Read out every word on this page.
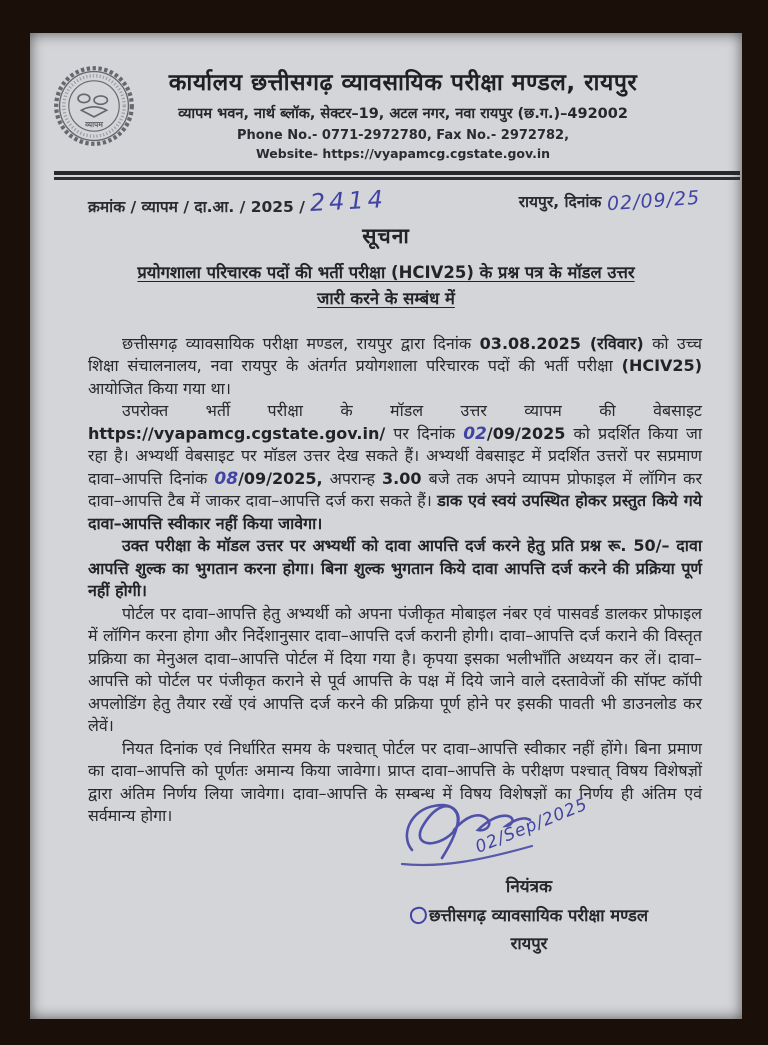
व्यापम
कार्यालय छत्तीसगढ़ व्यावसायिक परीक्षा मण्डल, रायपुर
व्यापम भवन, नार्थ ब्लॉक, सेक्टर–19, अटल नगर, नवा रायपुर (छ.ग.)–492002
Phone No.- 0771-2972780, Fax No.- 2972782,
Website- https://vyapamcg.cgstate.gov.in
क्रमांक / व्यापम / दा.आ. / 2025 / 2414	रायपुर, दिनांक 02/09/25
सूचना
प्रयोगशाला परिचारक पदों की भर्ती परीक्षा (HCIV25) के प्रश्न पत्र के मॉडल उत्तर
जारी करने के सम्बंध में

छत्तीसगढ़ व्यावसायिक परीक्षा मण्डल, रायपुर द्वारा दिनांक 03.08.2025 (रविवार) को उच्च शिक्षा संचालनालय, नवा रायपुर के अंतर्गत प्रयोगशाला परिचारक पदों की भर्ती परीक्षा (HCIV25) आयोजित किया गया था।

उपरोक्त भर्ती परीक्षा के मॉडल उत्तर व्यापम की वेबसाइट https://vyapamcg.cgstate.gov.in/ पर दिनांक 02/09/2025 को प्रदर्शित किया जा रहा है। अभ्यर्थी वेबसाइट पर मॉडल उत्तर देख सकते हैं। अभ्यर्थी वेबसाइट में प्रदर्शित उत्तरों पर सप्रमाण दावा–आपत्ति दिनांक 08/09/2025, अपरान्ह 3.00 बजे तक अपने व्यापम प्रोफाइल में लॉगिन कर दावा–आपत्ति टैब में जाकर दावा–आपत्ति दर्ज करा सकते हैं। डाक एवं स्वयं उपस्थित होकर प्रस्तुत किये गये दावा–आपत्ति स्वीकार नहीं किया जावेगा।

उक्त परीक्षा के मॉडल उत्तर पर अभ्यर्थी को दावा आपत्ति दर्ज करने हेतु प्रति प्रश्न रू. 50/– दावा आपत्ति शुल्क का भुगतान करना होगा। बिना शुल्क भुगतान किये दावा आपत्ति दर्ज करने की प्रक्रिया पूर्ण नहीं होगी।

पोर्टल पर दावा–आपत्ति हेतु अभ्यर्थी को अपना पंजीकृत मोबाइल नंबर एवं पासवर्ड डालकर प्रोफाइल में लॉगिन करना होगा और निर्देशानुसार दावा–आपत्ति दर्ज करानी होगी। दावा–आपत्ति दर्ज कराने की विस्तृत प्रक्रिया का मेनुअल दावा–आपत्ति पोर्टल में दिया गया है। कृपया इसका भलीभाँति अध्ययन कर लें। दावा–आपत्ति को पोर्टल पर पंजीकृत कराने से पूर्व आपत्ति के पक्ष में दिये जाने वाले दस्तावेजों की सॉफ्ट कॉपी अपलोडिंग हेतु तैयार रखें एवं आपत्ति दर्ज करने की प्रक्रिया पूर्ण होने पर इसकी पावती भी डाउनलोड कर लेवें।

नियत दिनांक एवं निर्धारित समय के पश्चात् पोर्टल पर दावा–आपत्ति स्वीकार नहीं होंगे। बिना प्रमाण का दावा–आपत्ति को पूर्णतः अमान्य किया जावेगा। प्राप्त दावा–आपत्ति के परीक्षण पश्चात् विषय विशेषज्ञों द्वारा अंतिम निर्णय लिया जावेगा। दावा–आपत्ति के सम्बन्ध में विषय विशेषज्ञों का निर्णय ही अंतिम एवं सर्वमान्य होगा।	02/Sep/2025
नियंत्रक
छत्तीसगढ़ व्यावसायिक परीक्षा मण्डल
रायपुर
